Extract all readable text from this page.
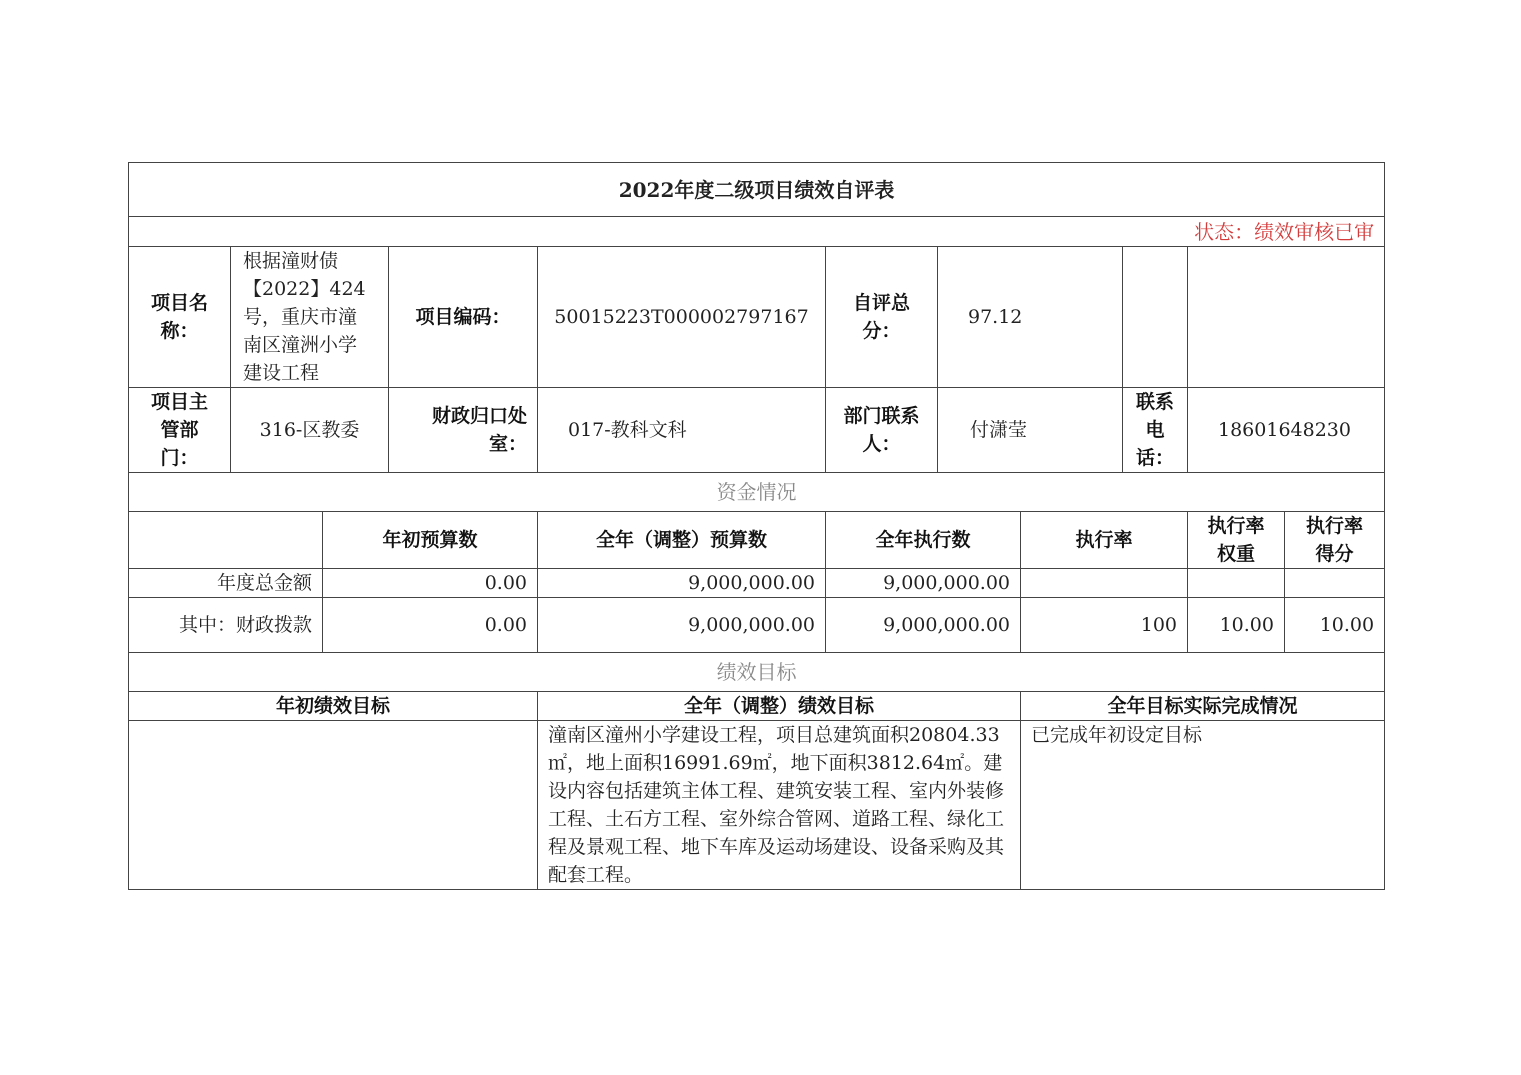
2022年度二级项目绩效自评表										
状态：绩效审核已审										
项目名称：	根据潼财债【2022】424号，重庆市潼南区潼洲小学建设工程		项目编码：	50015223T000002797167	自评总分：	97.12				
项目主管部门：	316-区教委		财政归口处室：	017-教科文科	部门联系人：	付潇莹		联系电话：	18601648230	
资金情况										
		年初预算数		全年（调整）预算数	全年执行数		执行率		执行率权重	执行率得分
年度总金额		0.00		9,000,000.00	9,000,000.00					
其中：财政拨款		0.00		9,000,000.00	9,000,000.00		100		10.00	10.00
绩效目标										
年初绩效目标				全年（调整）绩效目标			全年目标实际完成情况			
				潼南区潼州小学建设工程，项目总建筑面积20804.33㎡，地上面积16991.69㎡，地下面积3812.64㎡。建设内容包括建筑主体工程、建筑安装工程、室内外装修工程、土石方工程、室外综合管网、道路工程、绿化工程及景观工程、地下车库及运动场建设、设备采购及其配套工程。			已完成年初设定目标			
